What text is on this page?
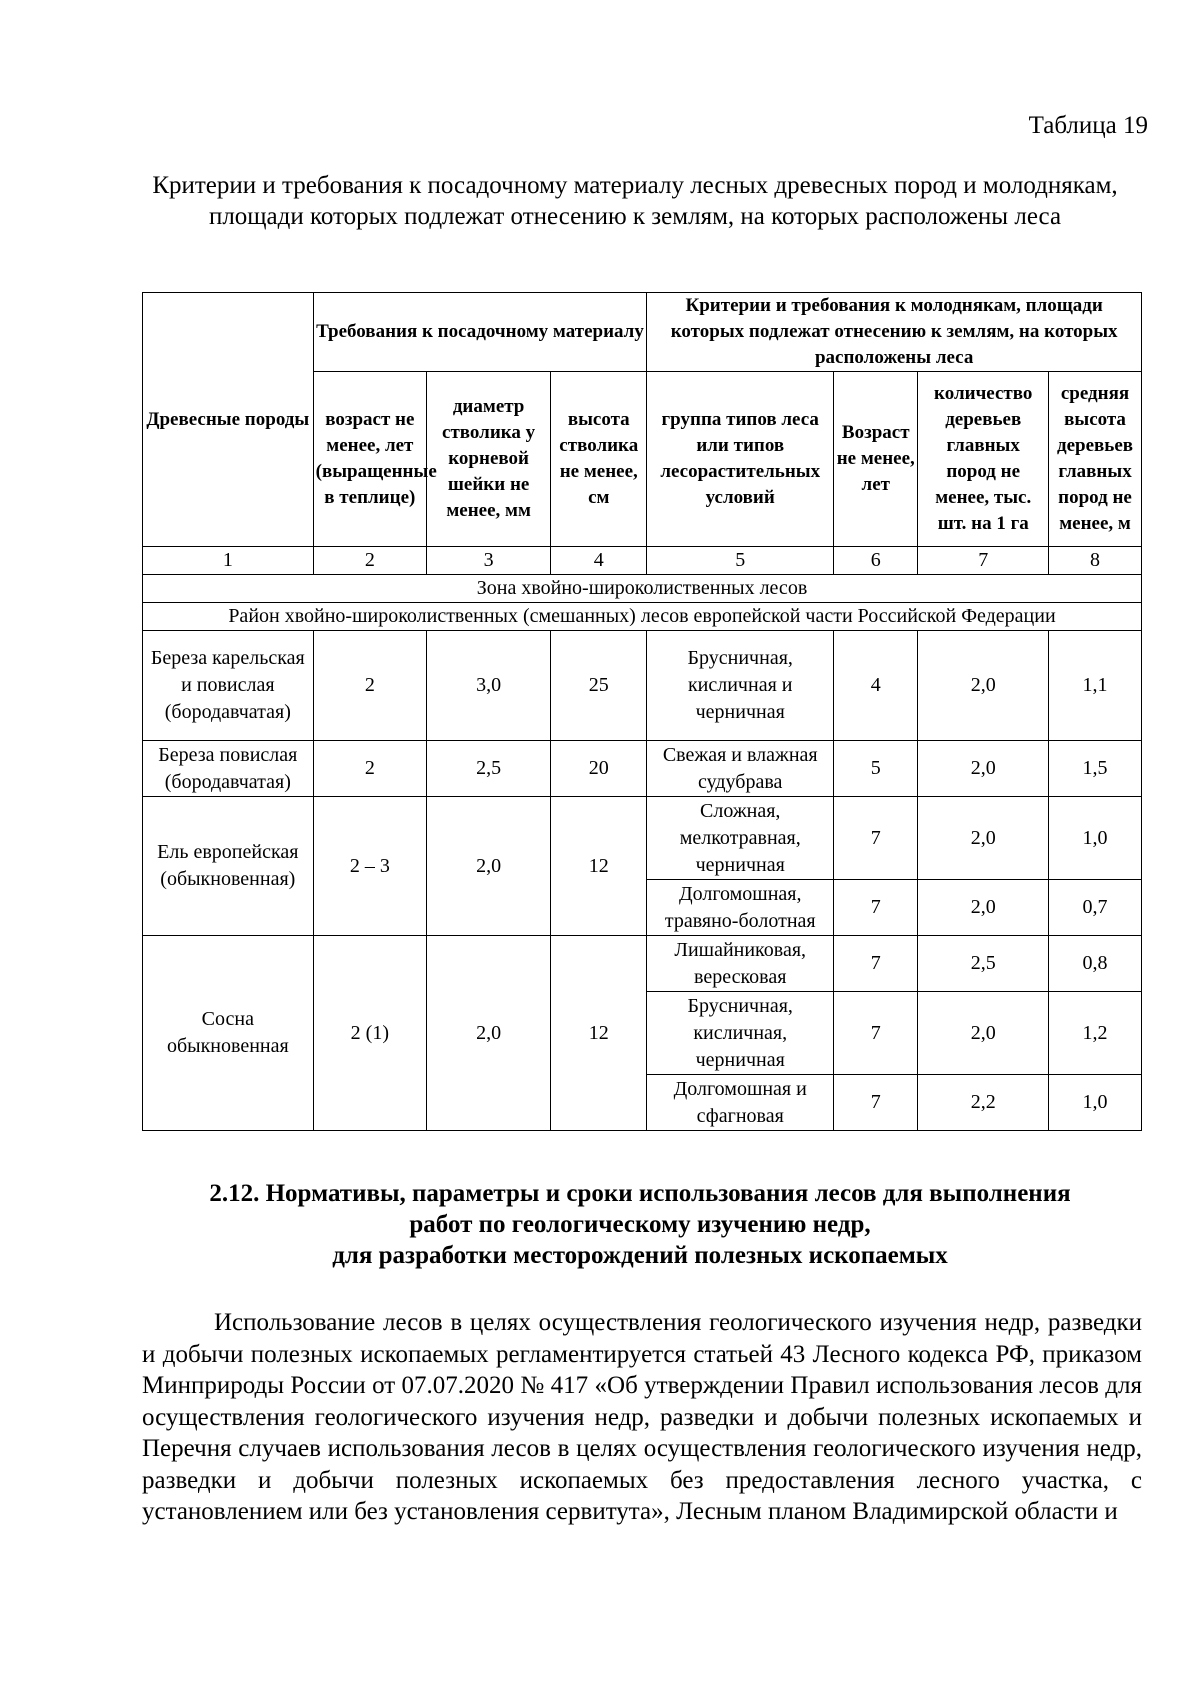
Таблица 19
Критерии и требования к посадочному материалу лесных древесных пород и молоднякам, площади которых подлежат отнесению к землям, на которых расположены леса
Древесные породы	Требования к посадочному материалу			Критерии и требования к молоднякам, площади которых подлежат отнесению к землям, на которых расположены леса			
	возраст не менее, лет (выращенные в теплице)	диаметр стволика у корневой шейки не менее, мм	высота стволика не менее, см	группа типов леса или типов лесорастительных условий	Возраст не менее, лет	количество деревьев главных пород не менее, тыс. шт. на 1 га	средняя высота деревьев главных пород не менее, м
1	2	3	4	5	6	7	8
Зона хвойно-широколиственных лесов							
Район хвойно-широколиственных (смешанных) лесов европейской части Российской Федерации							
Береза карельская и повислая (бородавчатая)	2	3,0	25	Брусничная, кисличная и черничная	4	2,0	1,1
Береза повислая (бородавчатая)	2	2,5	20	Свежая и влажная судубрава	5	2,0	1,5
Ель европейская (обыкновенная)	2 – 3	2,0	12	Сложная, мелкотравная, черничная	7	2,0	1,0
				Долгомошная, травяно-болотная	7	2,0	0,7
Сосна обыкновенная	2 (1)	2,0	12	Лишайниковая, вересковая	7	2,5	0,8
				Брусничная, кисличная, черничная	7	2,0	1,2
				Долгомошная и сфагновая	7	2,2	1,0
2.12. Нормативы, параметры и сроки использования лесов для выполнения
работ по геологическому изучению недр,
для разработки месторождений полезных ископаемых
Использование лесов в целях осуществления геологического изучения недр, разведки и добычи полезных ископаемых регламентируется статьей 43 Лесного кодекса РФ, приказом Минприроды России от 07.07.2020 № 417 «Об утверждении Правил использования лесов для осуществления геологического изучения недр, разведки и добычи полезных ископаемых и Перечня случаев использования лесов в целях осуществления геологического изучения недр, разведки и добычи полезных ископаемых без предоставления лесного участка, с установлением или без установления сервитута», Лесным планом Владимирской области и
